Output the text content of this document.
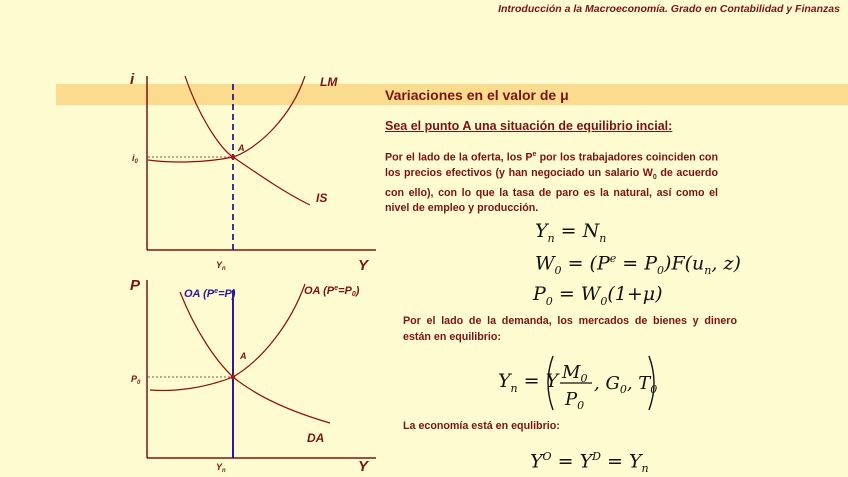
Introducción a la Macroeconomía. Grado en Contabilidad y Finanzas
Variaciones en el valor de μ
Sea el punto A una situación de equilibrio incial:
Por el lado de la oferta, los $P^e$ por los trabajadores coinciden con los precios efectivos (y han negociado un salario $W_0$ de acuerdo con ello), con lo que la tasa de paro es la natural, así como el nivel de empleo y producción.
Por el lado de la demanda, los mercados de bienes y dinero están en equilibrio:
La economía está en equlibrio:
$Y_n = N_n$
$W_0 = (P^e = P_0)F(u_n$, z)
$P_0 = W_0(1+\mu)$
$Y_n = Y$ $M_0$
$P_0$
, $G_0$, $T_0$
$Y^O = Y^D = Y_n$
i
Y
LM
IS
A
$i_0$
$Y_n$
P
Y
A
OA $(P^e=P)$	OA $(P^e=P0)$
DA
$P_0$
$Y_n$
